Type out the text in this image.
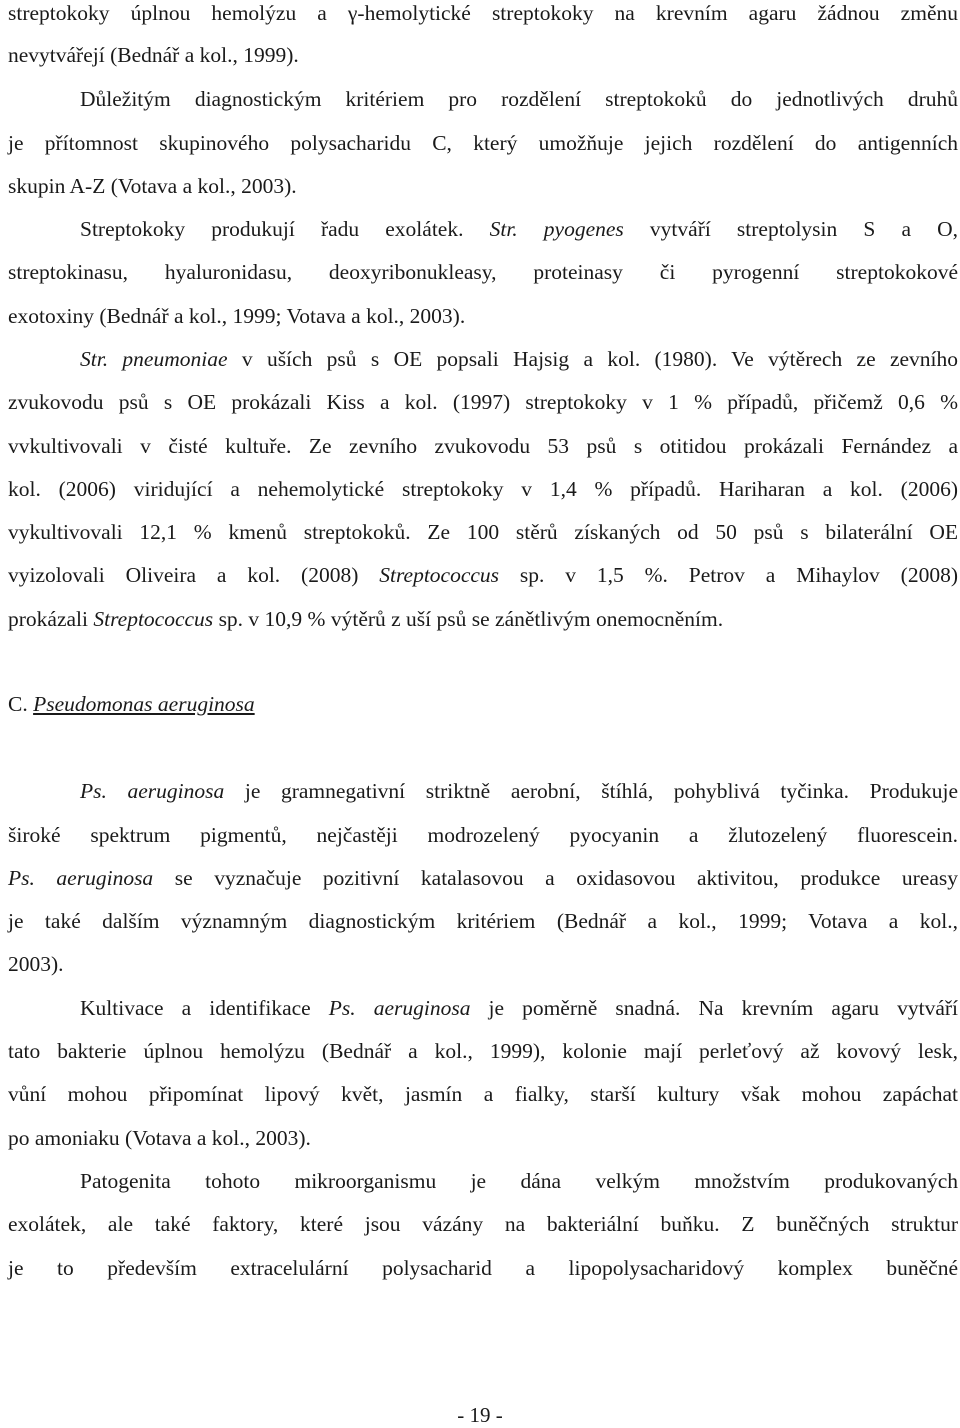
streptokoky úplnou hemolýzu a γ-hemolytické streptokoky na krevním agaru žádnou změnu
nevytvářejí (Bednář a kol., 1999).
Důležitým diagnostickým kritériem pro rozdělení streptokoků do jednotlivých druhů
je přítomnost skupinového polysacharidu C, který umožňuje jejich rozdělení do antigenních
skupin A-Z (Votava a kol., 2003).
Streptokoky produkují řadu exolátek. Str. pyogenes vytváří streptolysin S a O,
streptokinasu, hyaluronidasu, deoxyribonukleasy, proteinasy či pyrogenní streptokokové
exotoxiny (Bednář a kol., 1999; Votava a kol., 2003).
Str. pneumoniae v uších psů s OE popsali Hajsig a kol. (1980). Ve výtěrech ze zevního
zvukovodu psů s OE prokázali Kiss a kol. (1997) streptokoky v 1 % případů, přičemž 0,6 %
vvkultivovali v čisté kultuře. Ze zevního zvukovodu 53 psů s otitidou prokázali Fernández a
kol. (2006) viridující a nehemolytické streptokoky v 1,4 % případů. Hariharan a kol. (2006)
vykultivovali 12,1 % kmenů streptokoků. Ze 100 stěrů získaných od 50 psů s bilaterální OE
vyizolovali Oliveira a kol. (2008) Streptococcus sp. v 1,5 %. Petrov a Mihaylov (2008)
prokázali Streptococcus sp. v 10,9 % výtěrů z uší psů se zánětlivým onemocněním.
C. Pseudomonas aeruginosa
Ps. aeruginosa je gramnegativní striktně aerobní, štíhlá, pohyblivá tyčinka. Produkuje
široké spektrum pigmentů, nejčastěji modrozelený pyocyanin a žlutozelený fluorescein.
Ps. aeruginosa se vyznačuje pozitivní katalasovou a oxidasovou aktivitou, produkce ureasy
je také dalším významným diagnostickým kritériem (Bednář a kol., 1999; Votava a kol.,
2003).
Kultivace a identifikace Ps. aeruginosa je poměrně snadná. Na krevním agaru vytváří
tato bakterie úplnou hemolýzu (Bednář a kol., 1999), kolonie mají perleťový až kovový lesk,
vůní mohou připomínat lipový květ, jasmín a fialky, starší kultury však mohou zapáchat
po amoniaku (Votava a kol., 2003).
Patogenita tohoto mikroorganismu je dána velkým množstvím produkovaných
exolátek, ale také faktory, které jsou vázány na bakteriální buňku. Z buněčných struktur
je to především extracelulární polysacharid a lipopolysacharidový komplex buněčné
- 19 -
